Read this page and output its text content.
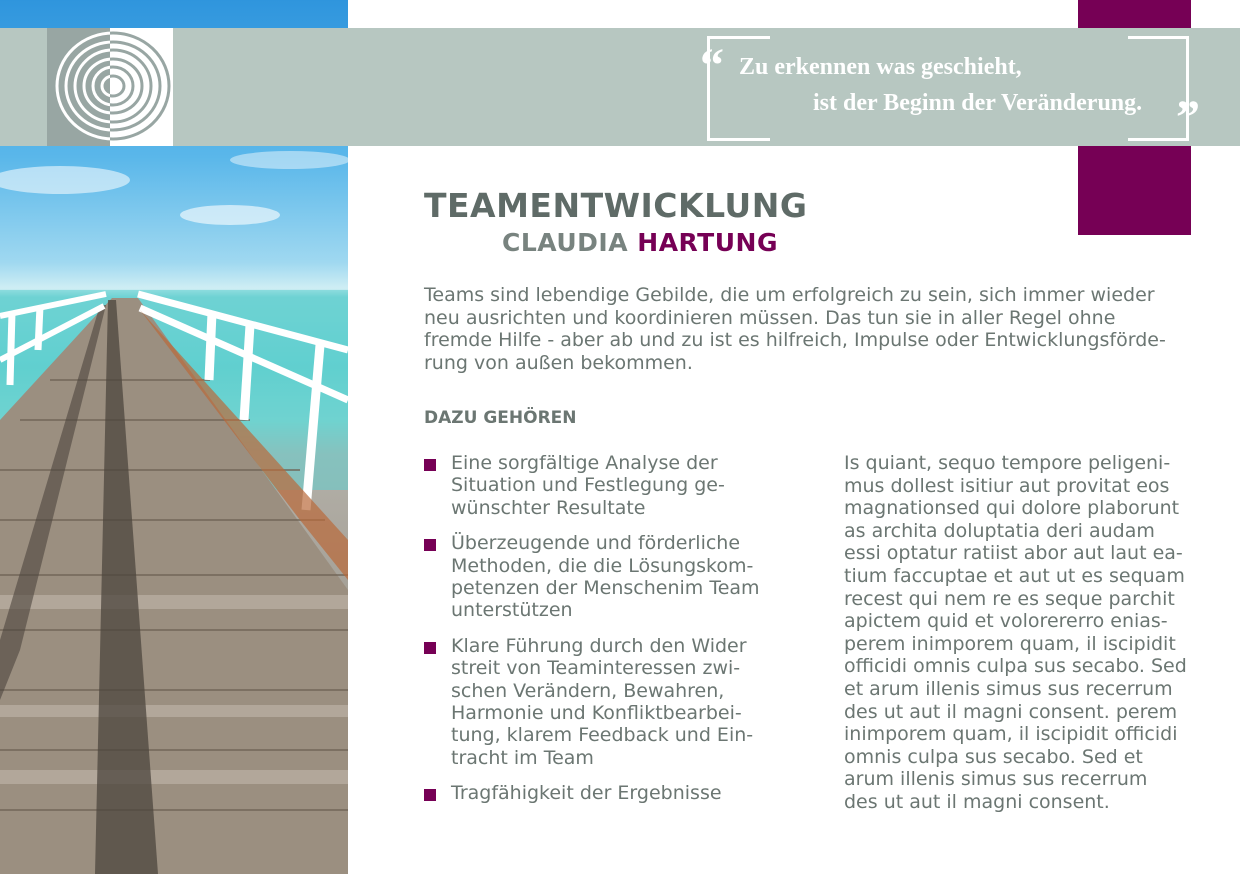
“
”
Zu erkennen was geschieht,
ist der Beginn der Veränderung.
TEAMENTWICKLUNG
CLAUDIA HARTUNG
Teams sind lebendige Gebilde, die um erfolgreich zu sein, sich immer wieder
neu ausrichten und koordinieren müssen. Das tun sie in aller Regel ohne
fremde Hilfe - aber ab und zu ist es hilfreich, Impulse oder Entwicklungsförde-
rung von außen bekommen.
DAZU GEHÖREN
Eine sorgfältige Analyse der
Situation und Festlegung ge-
wünschter Resultate
Überzeugende und förderliche
Methoden, die die Lösungskom-
petenzen der Menschenim Team
unterstützen
Klare Führung durch den Wider
streit von Teaminteressen zwi-
schen Verändern, Bewahren,
Harmonie und Konfliktbearbei-
tung, klarem Feedback und Ein-
tracht im Team
Tragfähigkeit der Ergebnisse
Is quiant, sequo tempore peligeni-
mus dollest isitiur aut provitat eos
magnationsed qui dolore plaborunt
as archita doluptatia deri audam
essi optatur ratiist abor aut laut ea-
tium faccuptae et aut ut es sequam
recest qui nem re es seque parchit
apictem quid et volorererro enias-
perem inimporem quam, il iscipidit
officidi omnis culpa sus secabo. Sed
et arum illenis simus sus recerrum
des ut aut il magni consent. perem
inimporem quam, il iscipidit officidi
omnis culpa sus secabo. Sed et
arum illenis simus sus recerrum
des ut aut il magni consent.
